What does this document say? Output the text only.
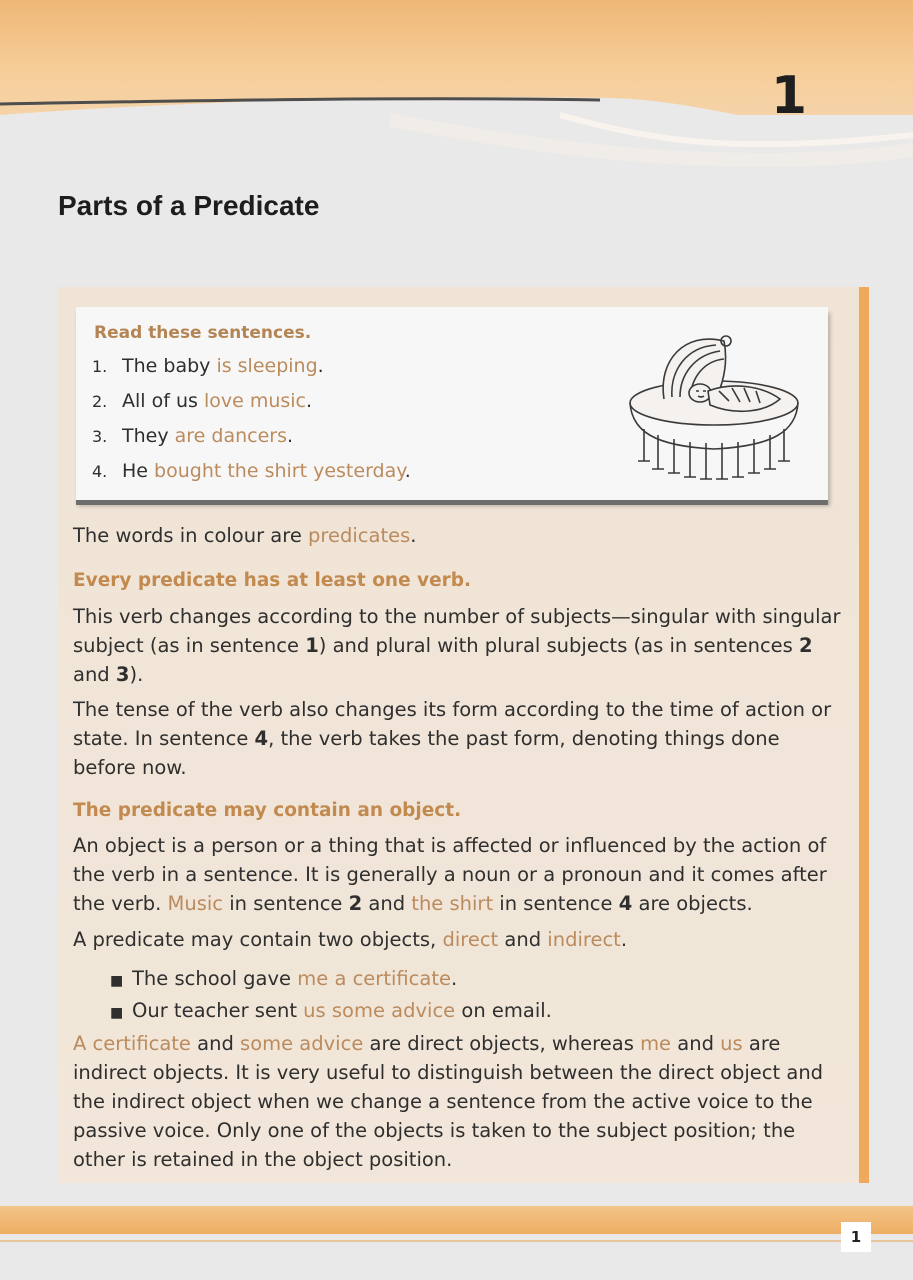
1
Parts of a Predicate

Read these sentences.

1. The baby is sleeping.
2. All of us love music.
3. They are dancers.
4. He bought the shirt yesterday.

The words in colour are predicates.

Every predicate has at least one verb.

This verb changes according to the number of subjects—singular with singular subject (as in sentence 1) and plural with plural subjects (as in sentences 2 and 3).

The tense of the verb also changes its form according to the time of action or state. In sentence 4, the verb takes the past form, denoting things done before now.

The predicate may contain an object.

An object is a person or a thing that is affected or influenced by the action of the verb in a sentence. It is generally a noun or a pronoun and it comes after the verb. Music in sentence 2 and the shirt in sentence 4 are objects.

A predicate may contain two objects, direct and indirect.

■ The school gave me a certificate.
■ Our teacher sent us some advice on email.

A certificate and some advice are direct objects, whereas me and us are indirect objects. It is very useful to distinguish between the direct object and the indirect object when we change a sentence from the active voice to the passive voice. Only one of the objects is taken to the subject position; the other is retained in the object position.

1
